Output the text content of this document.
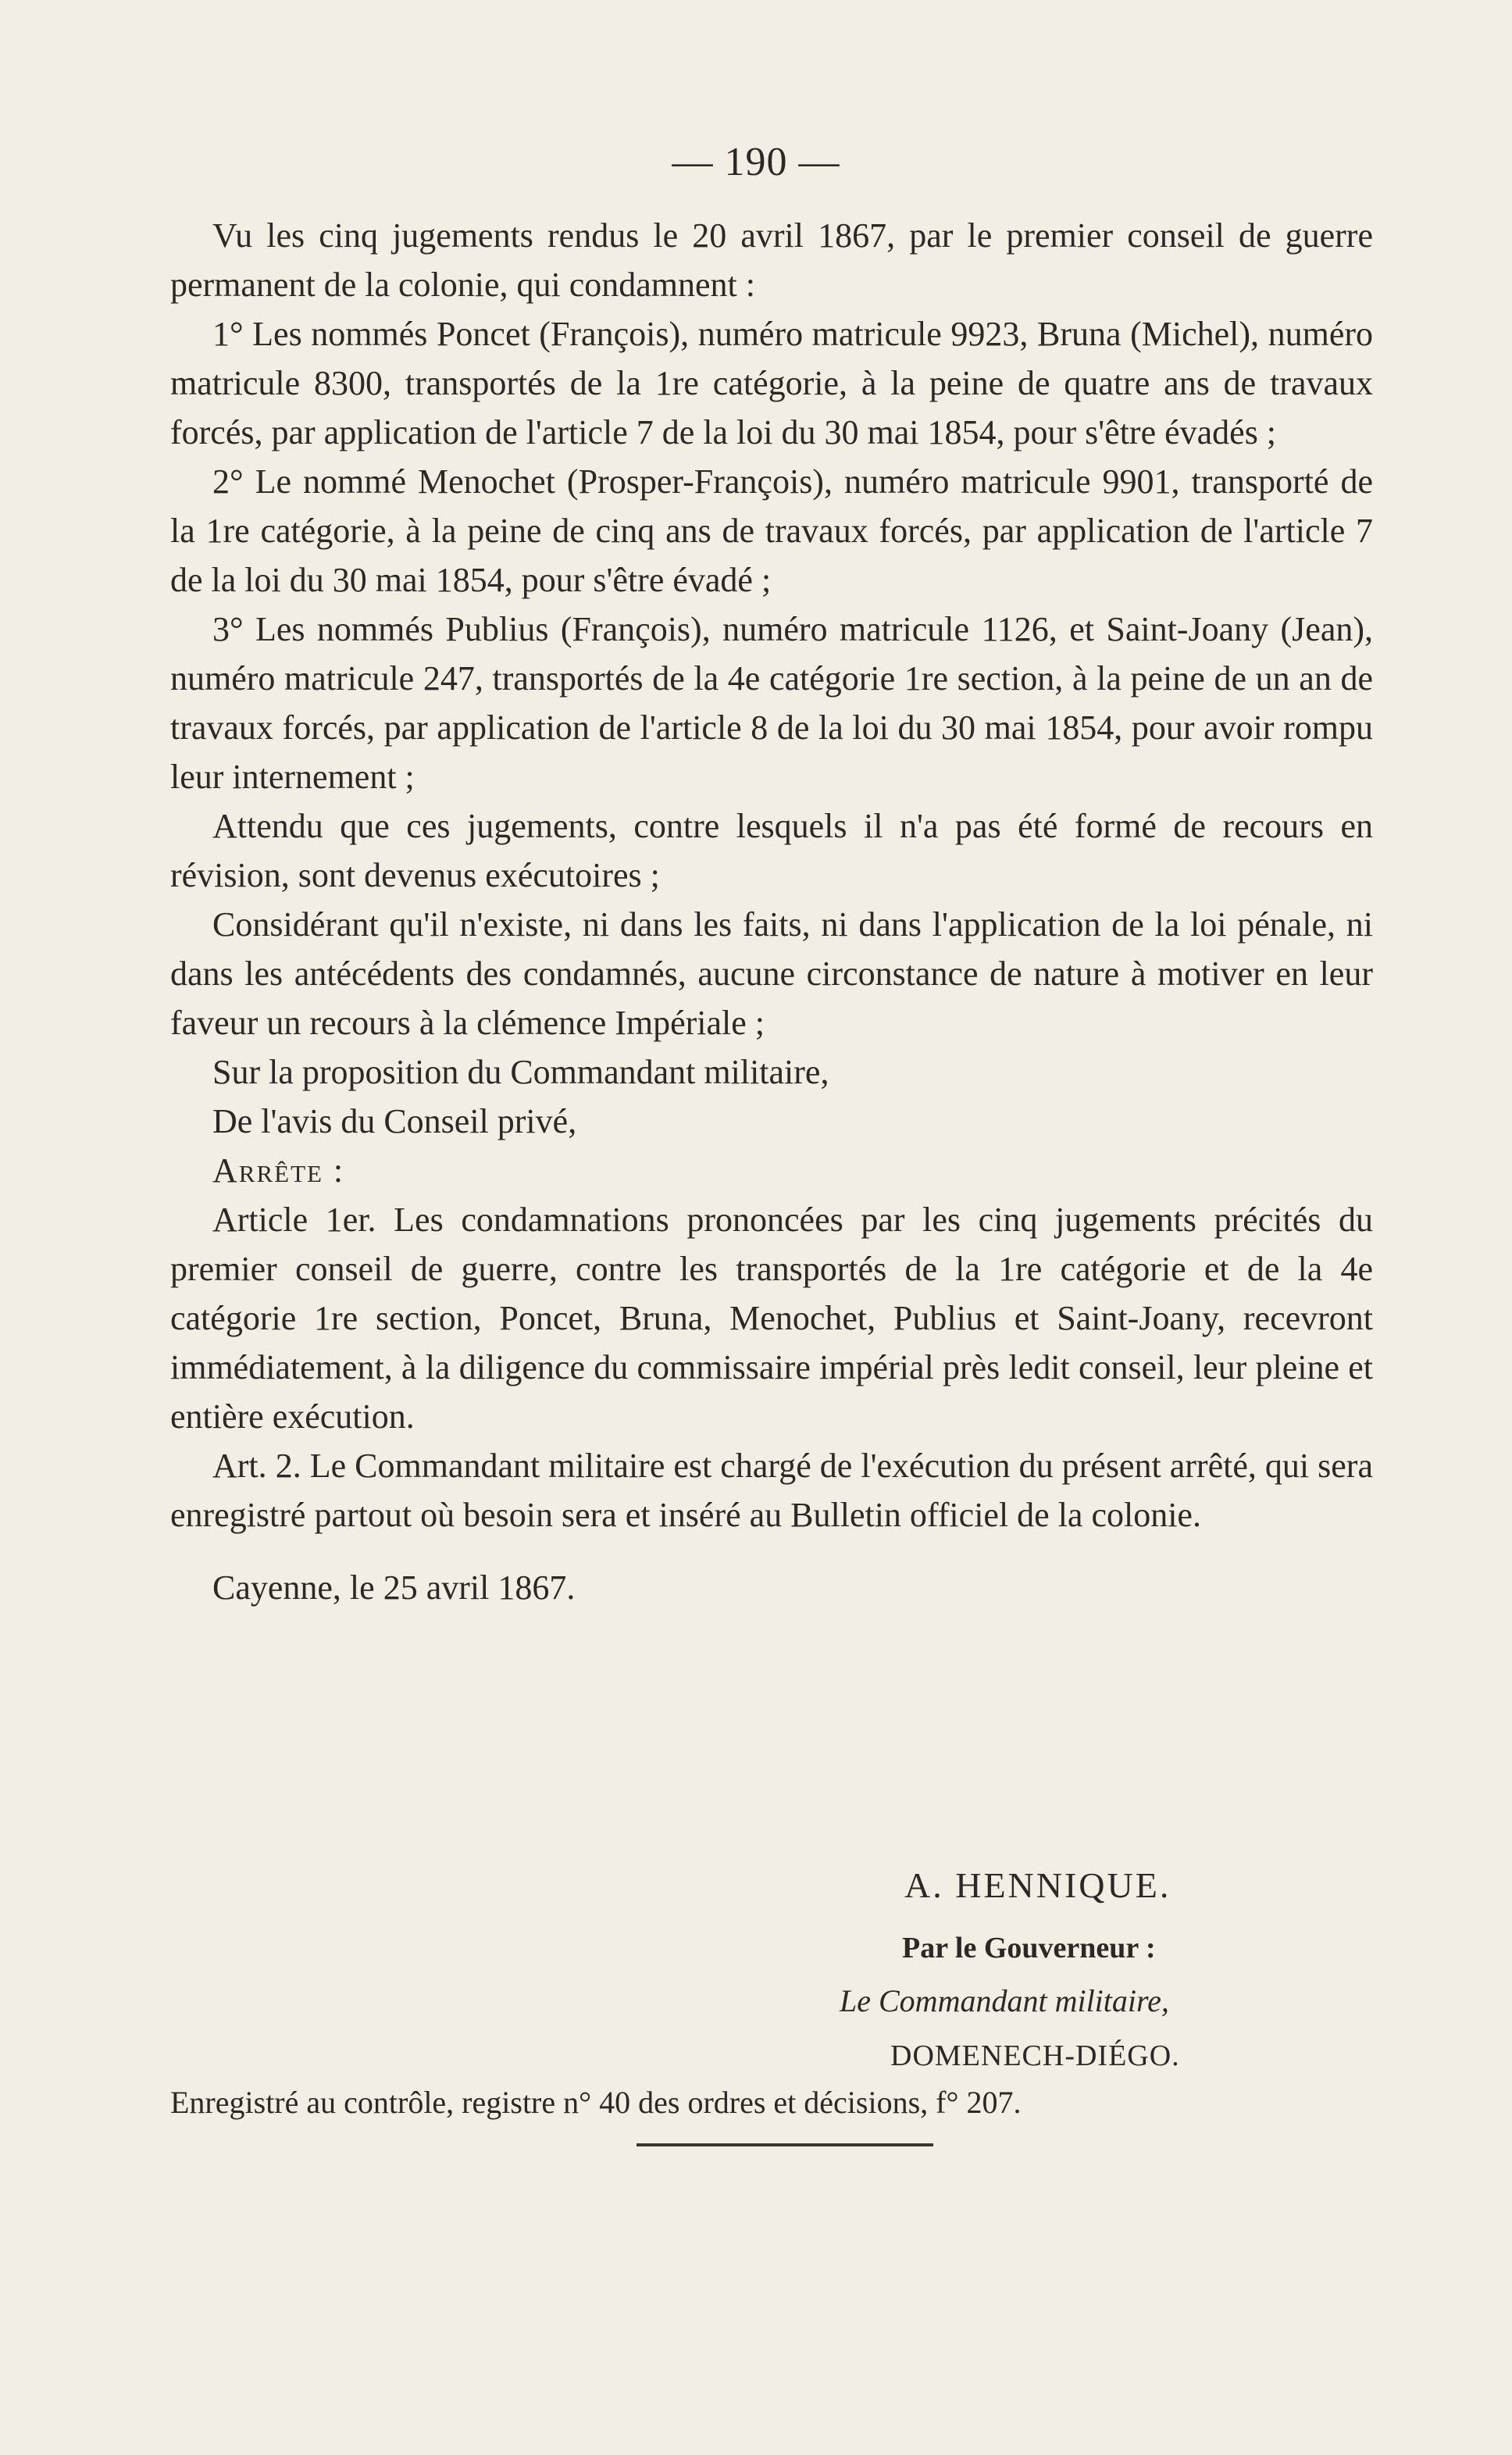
— 190 —

Vu les cinq jugements rendus le 20 avril 1867, par le premier conseil de guerre permanent de la colonie, qui condamnent :

1° Les nommés Poncet (François), numéro matricule 9923, Bruna (Michel), numéro matricule 8300, transportés de la 1re catégorie, à la peine de quatre ans de travaux forcés, par application de l'article 7 de la loi du 30 mai 1854, pour s'être évadés ;

2° Le nommé Menochet (Prosper-François), numéro matricule 9901, transporté de la 1re catégorie, à la peine de cinq ans de travaux forcés, par application de l'article 7 de la loi du 30 mai 1854, pour s'être évadé ;

3° Les nommés Publius (François), numéro matricule 1126, et Saint-Joany (Jean), numéro matricule 247, transportés de la 4e catégorie 1re section, à la peine de un an de travaux forcés, par application de l'article 8 de la loi du 30 mai 1854, pour avoir rompu leur internement ;

Attendu que ces jugements, contre lesquels il n'a pas été formé de recours en révision, sont devenus exécutoires ;

Considérant qu'il n'existe, ni dans les faits, ni dans l'application de la loi pénale, ni dans les antécédents des condamnés, aucune circonstance de nature à motiver en leur faveur un recours à la clémence Impériale ;

Sur la proposition du Commandant militaire,

De l'avis du Conseil privé,

Arrête :

Article 1er. Les condamnations prononcées par les cinq jugements précités du premier conseil de guerre, contre les transportés de la 1re catégorie et de la 4e catégorie 1re section, Poncet, Bruna, Menochet, Publius et Saint-Joany, recevront immédiatement, à la diligence du commissaire impérial près ledit conseil, leur pleine et entière exécution.

Art. 2. Le Commandant militaire est chargé de l'exécution du présent arrêté, qui sera enregistré partout où besoin sera et inséré au Bulletin officiel de la colonie.

Cayenne, le 25 avril 1867.

A. HENNIQUE.
Par le Gouverneur :
Le Commandant militaire,
DOMENECH-DIÉGO.
Enregistré au contrôle, registre n° 40 des ordres et décisions, f° 207.
